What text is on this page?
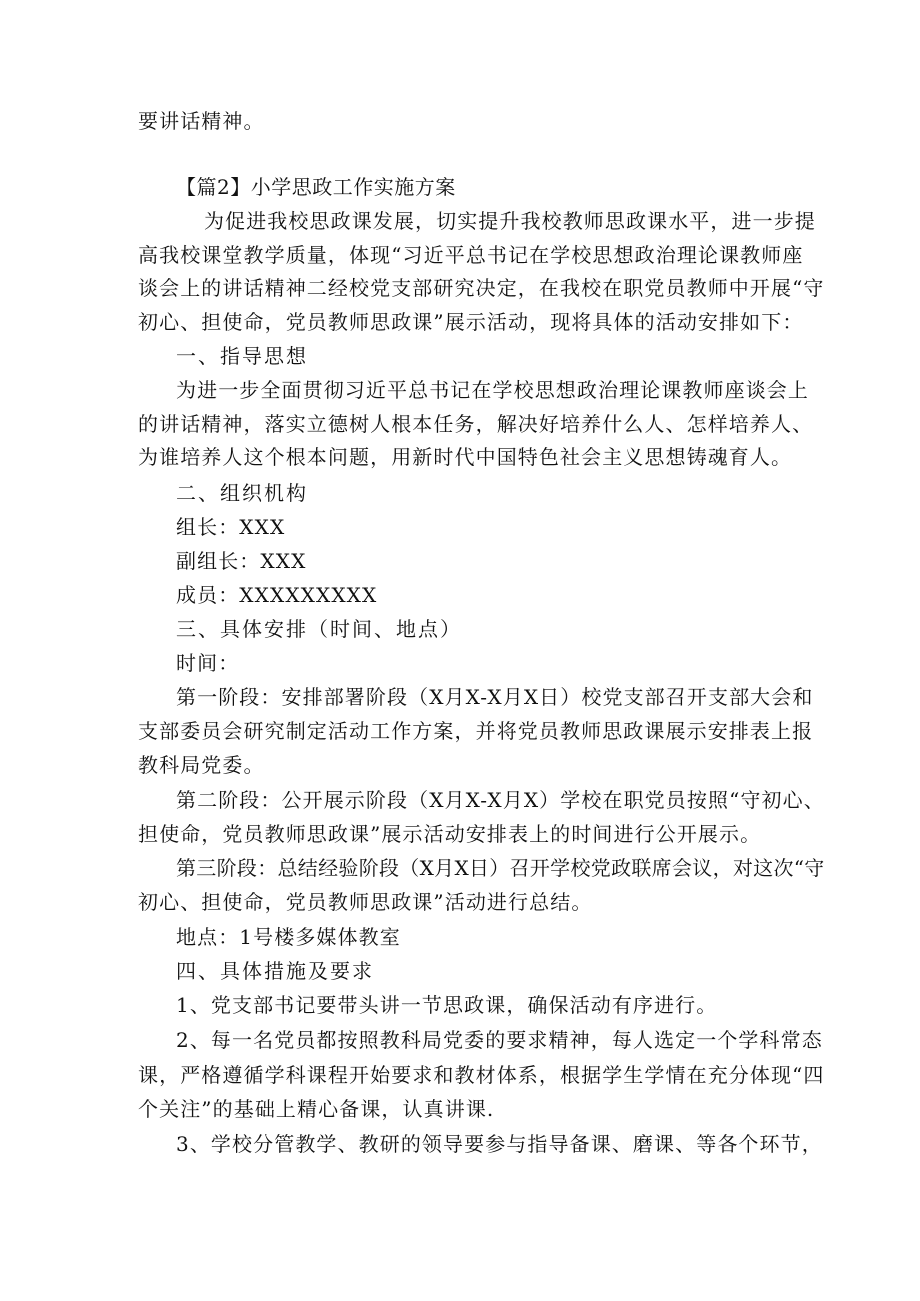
要讲话精神。
【篇2】小学思政工作实施方案
为促进我校思政课发展，切实提升我校教师思政课水平，进一步提
高我校课堂教学质量，体现“习近平总书记在学校思想政治理论课教师座
谈会上的讲话精神二经校党支部研究决定，在我校在职党员教师中开展“守
初心、担使命，党员教师思政课”展示活动，现将具体的活动安排如下：
一、指导思想
为进一步全面贯彻习近平总书记在学校思想政治理论课教师座谈会上
的讲话精神，落实立德树人根本任务，解决好培养什么人、怎样培养人、
为谁培养人这个根本问题，用新时代中国特色社会主义思想铸魂育人。
二、组织机构
组长：XXX
副组长：XXX
成员：XXXXXXXXX
三、具体安排（时间、地点）
时间：
第一阶段：安排部署阶段（X月X-X月X日）校党支部召开支部大会和
支部委员会研究制定活动工作方案，并将党员教师思政课展示安排表上报
教科局党委。
第二阶段：公开展示阶段（X月X-X月X）学校在职党员按照“守初心、
担使命，党员教师思政课”展示活动安排表上的时间进行公开展示。
第三阶段：总结经验阶段（X月X日）召开学校党政联席会议，对这次“守
初心、担使命，党员教师思政课”活动进行总结。
地点：1号楼多媒体教室
四、具体措施及要求
1、党支部书记要带头讲一节思政课，确保活动有序进行。
2、每一名党员都按照教科局党委的要求精神，每人选定一个学科常态
课，严格遵循学科课程开始要求和教材体系，根据学生学情在充分体现“四
个关注”的基础上精心备课，认真讲课.
3、学校分管教学、教研的领导要参与指导备课、磨课、等各个环节，
